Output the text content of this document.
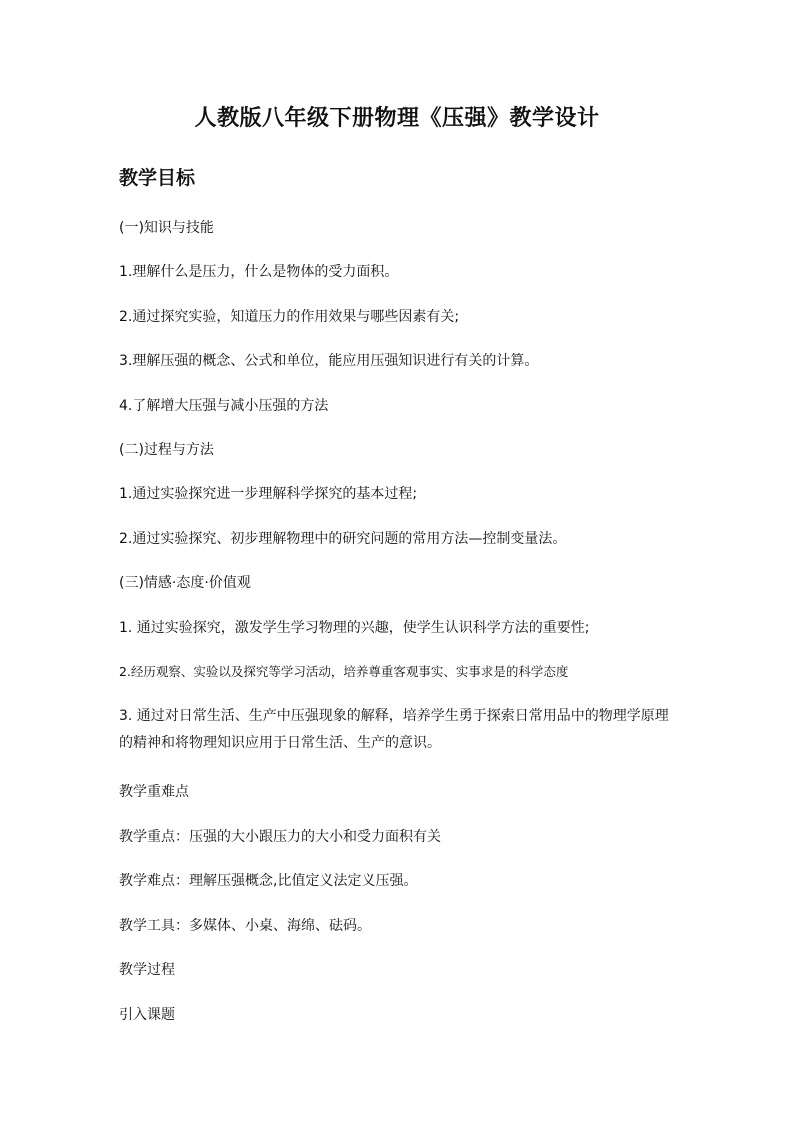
人教版八年级下册物理《压强》教学设计
教学目标
(一)知识与技能
1.理解什么是压力，什么是物体的受力面积。
2.通过探究实验，知道压力的作用效果与哪些因素有关;
3.理解压强的概念、公式和单位，能应用压强知识进行有关的计算。
4.了解增大压强与减小压强的方法
(二)过程与方法
1.通过实验探究进一步理解科学探究的基本过程;
2.通过实验探究、初步理解物理中的研究问题的常用方法—控制变量法。
(三)情感·态度·价值观
1. 通过实验探究，激发学生学习物理的兴趣，使学生认识科学方法的重要性;
2.经历观察、实验以及探究等学习活动，培养尊重客观事实、实事求是的科学态度
3. 通过对日常生活、生产中压强现象的解释，培养学生勇于探索日常用品中的物理学原理的精神和将物理知识应用于日常生活、生产的意识。
教学重难点
教学重点：压强的大小跟压力的大小和受力面积有关
教学难点：理解压强概念,比值定义法定义压强。
教学工具：多媒体、小桌、海绵、砝码。
教学过程
引入课题
